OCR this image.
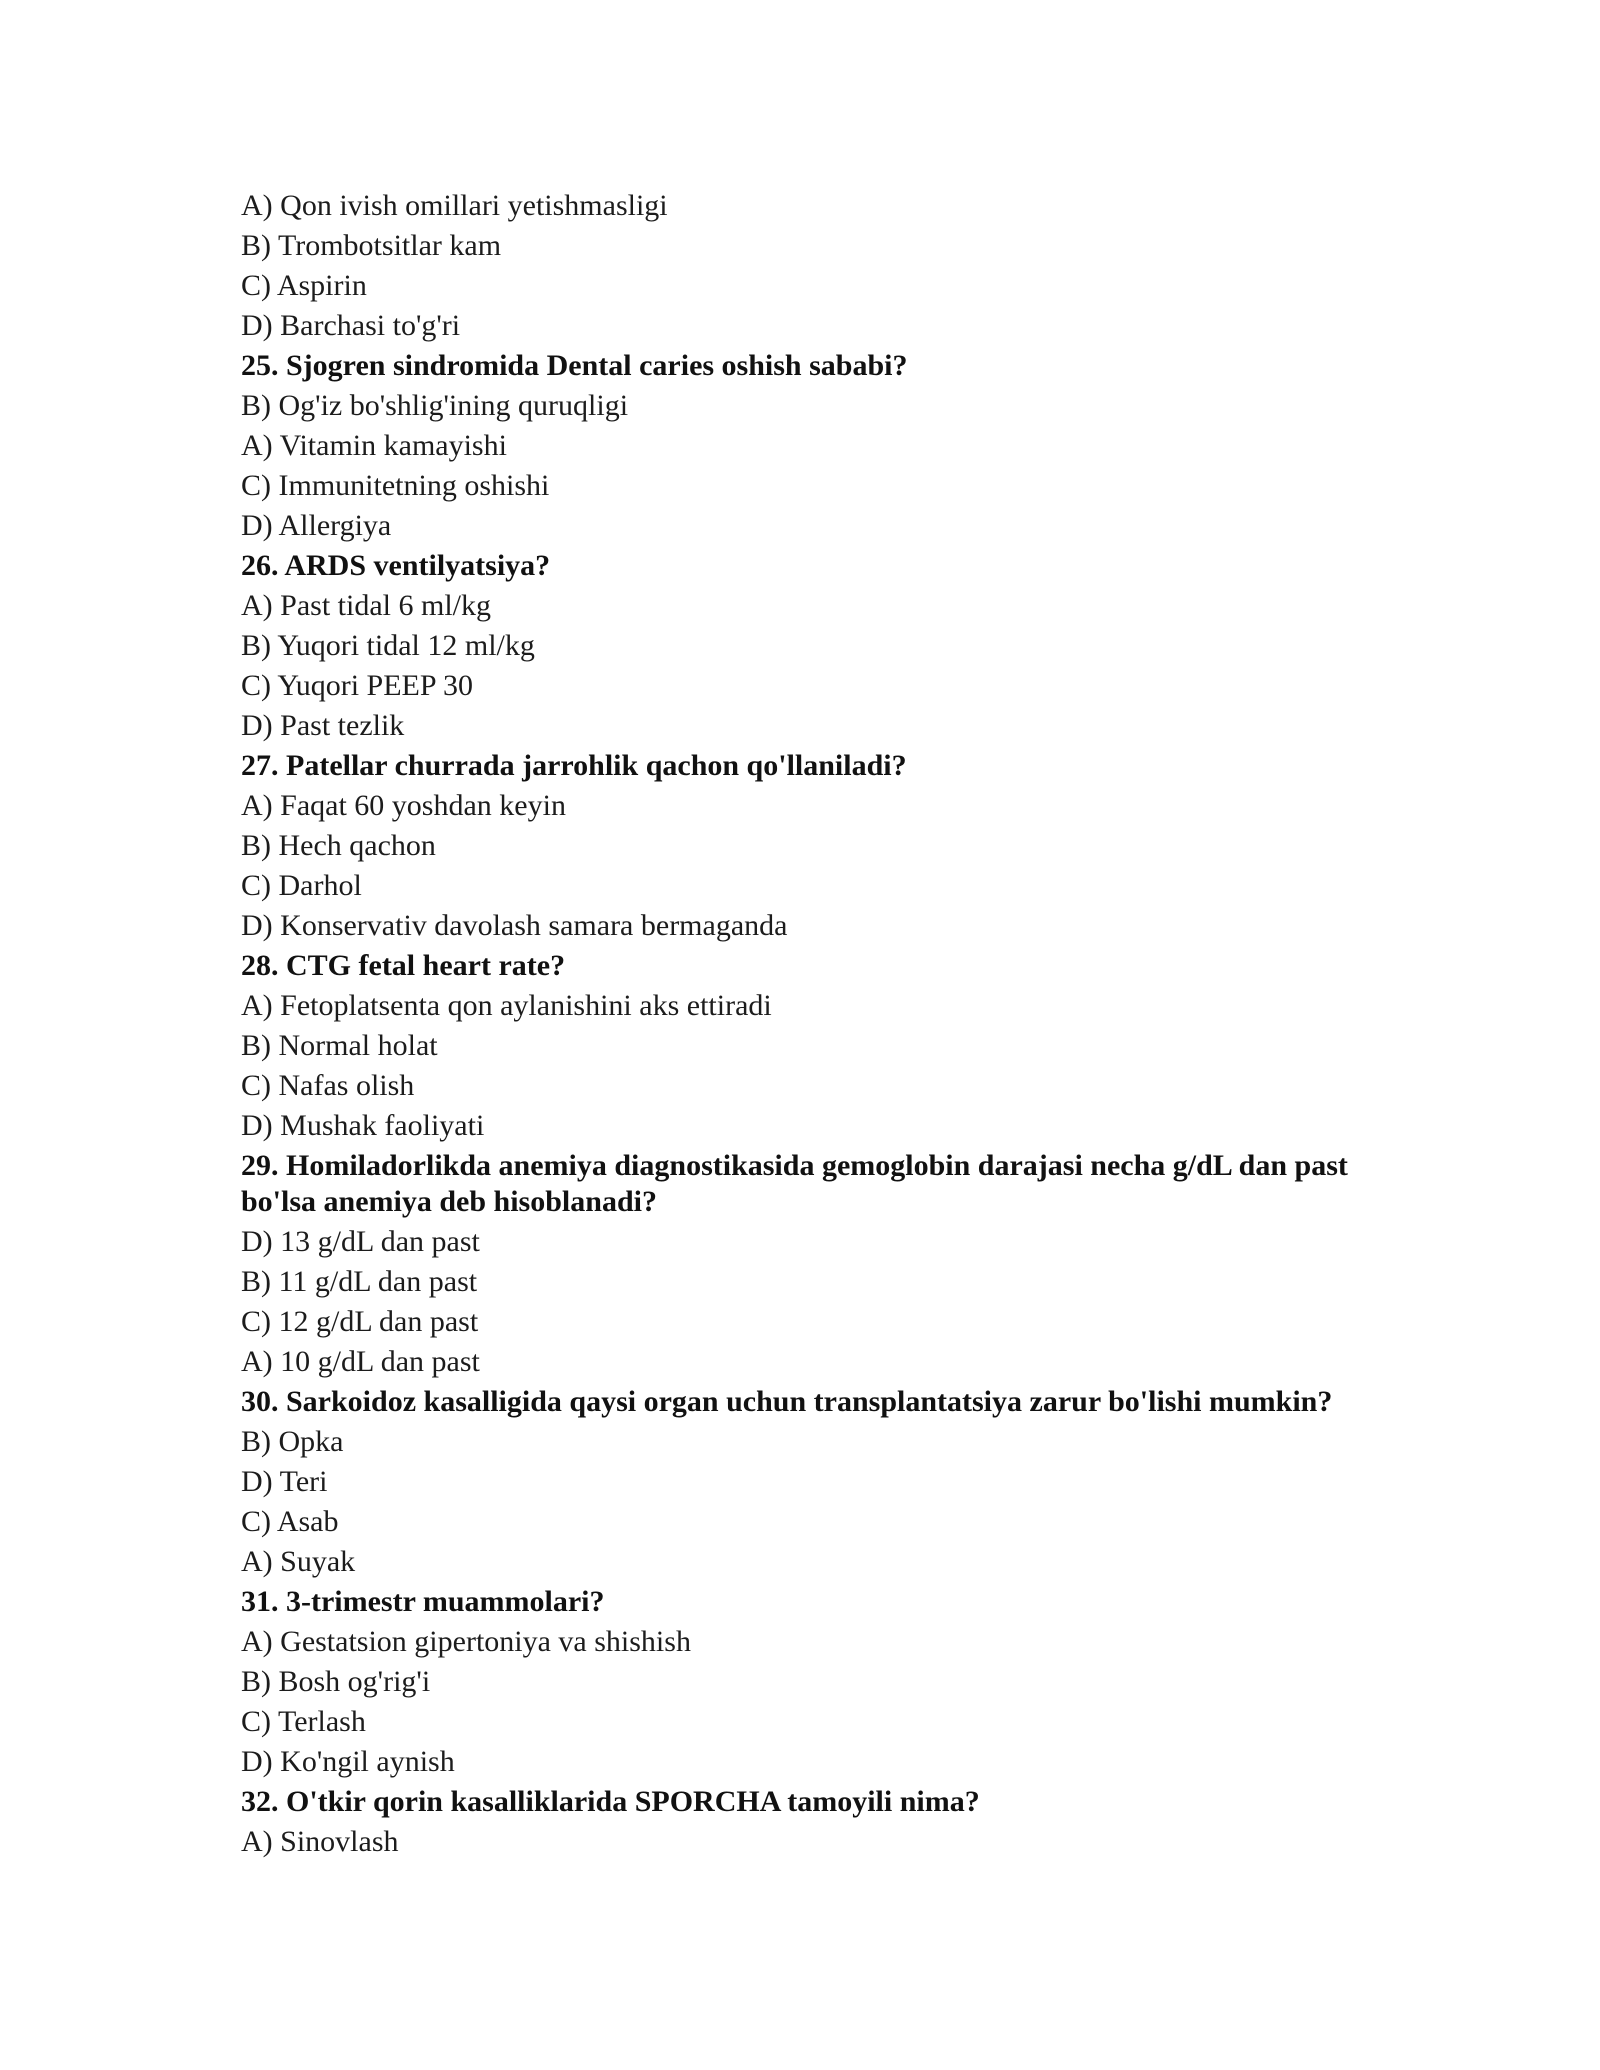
A) Qon ivish omillari yetishmasligi
B) Trombotsitlar kam
C) Aspirin
D) Barchasi to'g'ri
25. Sjogren sindromida Dental caries oshish sababi?
B) Og'iz bo'shlig'ining quruqligi
A) Vitamin kamayishi
C) Immunitetning oshishi
D) Allergiya
26. ARDS ventilyatsiya?
A) Past tidal 6 ml/kg
B) Yuqori tidal 12 ml/kg
C) Yuqori PEEP 30
D) Past tezlik
27. Patellar churrada jarrohlik qachon qo'llaniladi?
A) Faqat 60 yoshdan keyin
B) Hech qachon
C) Darhol
D) Konservativ davolash samara bermaganda
28. CTG fetal heart rate?
A) Fetoplatsenta qon aylanishini aks ettiradi
B) Normal holat
C) Nafas olish
D) Mushak faoliyati
29. Homiladorlikda anemiya diagnostikasida gemoglobin darajasi necha g/dL dan past bo'lsa anemiya deb hisoblanadi?
D) 13 g/dL dan past
B) 11 g/dL dan past
C) 12 g/dL dan past
A) 10 g/dL dan past
30. Sarkoidoz kasalligida qaysi organ uchun transplantatsiya zarur bo'lishi mumkin?
B) Opka
D) Teri
C) Asab
A) Suyak
31. 3-trimestr muammolari?
A) Gestatsion gipertoniya va shishish
B) Bosh og'rig'i
C) Terlash
D) Ko'ngil aynish
32. O'tkir qorin kasalliklarida SPORCHA tamoyili nima?
A) Sinovlash
